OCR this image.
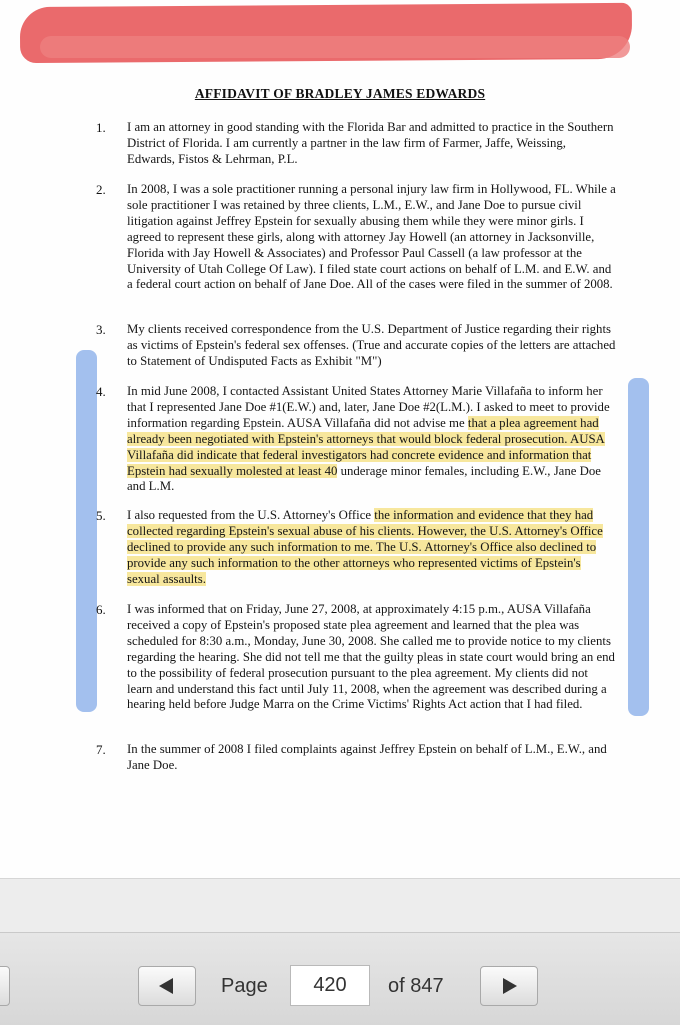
AFFIDAVIT OF BRADLEY JAMES EDWARDS
1.	I am an attorney in good standing with the Florida Bar and admitted to practice in the Southern District of Florida. I am currently a partner in the law firm of Farmer, Jaffe, Weissing, Edwards, Fistos & Lehrman, P.L.
2.	In 2008, I was a sole practitioner running a personal injury law firm in Hollywood, FL. While a sole practitioner I was retained by three clients, L.M., E.W., and Jane Doe to pursue civil litigation against Jeffrey Epstein for sexually abusing them while they were minor girls. I agreed to represent these girls, along with attorney Jay Howell (an attorney in Jacksonville, Florida with Jay Howell & Associates) and Professor Paul Cassell (a law professor at the University of Utah College Of Law). I filed state court actions on behalf of L.M. and E.W. and a federal court action on behalf of Jane Doe. All of the cases were filed in the summer of 2008.
3.	My clients received correspondence from the U.S. Department of Justice regarding their rights as victims of Epstein's federal sex offenses. (True and accurate copies of the letters are attached to Statement of Undisputed Facts as Exhibit "M")
4.	In mid June 2008, I contacted Assistant United States Attorney Marie Villafaña to inform her that I represented Jane Doe #1(E.W.) and, later, Jane Doe #2(L.M.). I asked to meet to provide information regarding Epstein. AUSA Villafaña did not advise me that a plea agreement had already been negotiated with Epstein's attorneys that would block federal prosecution. AUSA Villafaña did indicate that federal investigators had concrete evidence and information that Epstein had sexually molested at least 40 underage minor females, including E.W., Jane Doe and L.M.
5.	I also requested from the U.S. Attorney's Office the information and evidence that they had collected regarding Epstein's sexual abuse of his clients. However, the U.S. Attorney's Office declined to provide any such information to me. The U.S. Attorney's Office also declined to provide any such information to the other attorneys who represented victims of Epstein's sexual assaults.
6.	I was informed that on Friday, June 27, 2008, at approximately 4:15 p.m., AUSA Villafaña received a copy of Epstein's proposed state plea agreement and learned that the plea was scheduled for 8:30 a.m., Monday, June 30, 2008. She called me to provide notice to my clients regarding the hearing. She did not tell me that the guilty pleas in state court would bring an end to the possibility of federal prosecution pursuant to the plea agreement. My clients did not learn and understand this fact until July 11, 2008, when the agreement was described during a hearing held before Judge Marra on the Crime Victims' Rights Act action that I had filed.
7.	In the summer of 2008 I filed complaints against Jeffrey Epstein on behalf of L.M., E.W., and Jane Doe.
Page
420	of 847
